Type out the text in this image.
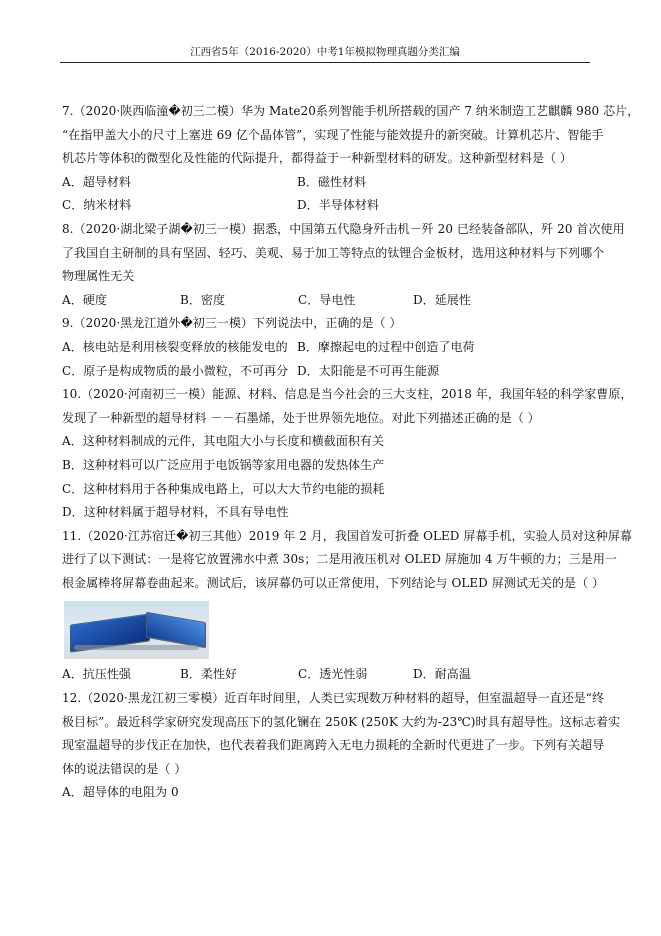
江西省5年（2016-2020）中考1年模拟物理真题分类汇编
7.（2020·陕西临潼�初三二模）华为 Mate20系列智能手机所搭载的国产 7 纳米制造工艺麒麟 980 芯片，
“在指甲盖大小的尺寸上塞进 69 亿个晶体管”，实现了性能与能效提升的新突破。计算机芯片、智能手
机芯片等体积的微型化及性能的代际提升，都得益于一种新型材料的研发。这种新型材料是（ ）
A．超导材料	B．磁性材料
C．纳米材料	D．半导体材料
8.（2020·湖北梁子湖�初三一模）据悉，中国第五代隐身歼击机－歼 20 已经装备部队，歼 20 首次使用
了我国自主研制的具有坚固、轻巧、美观、易于加工等特点的钛锂合金板材，选用这种材料与下列哪个
物理属性无关
A．硬度	B．密度	C．导电性	D．延展性
9.（2020·黑龙江道外�初三一模）下列说法中，正确的是（ ）
A．核电站是利用核裂变释放的核能发电的 B．摩擦起电的过程中创造了电荷
C．原子是构成物质的最小微粒，不可再分 D．太阳能是不可再生能源
10.（2020·河南初三一模）能源、材料、信息是当今社会的三大支柱，2018 年，我国年轻的科学家曹原，
发现了一种新型的超导材料 －－石墨烯，处于世界领先地位。对此下列描述正确的是（ ）
A．这种材料制成的元件，其电阻大小与长度和横截面积有关
B．这种材料可以广泛应用于电饭锅等家用电器的发热体生产
C．这种材料用于各种集成电路上，可以大大节约电能的损耗
D．这种材料属于超导材料，不具有导电性
11.（2020·江苏宿迁�初三其他）2019 年 2 月，我国首发可折叠 OLED 屏幕手机，实验人员对这种屏幕
进行了以下测试：一是将它放置沸水中煮 30s；二是用液压机对 OLED 屏施加 4 万牛顿的力；三是用一
根金属棒将屏幕卷曲起来。测试后，该屏幕仍可以正常使用，下列结论与 OLED 屏测试无关的是（ ）
A．抗压性强	B．柔性好	C．透光性弱	D．耐高温
12.（2020·黑龙江初三零模）近百年时间里，人类已实现数万种材料的超导，但室温超导一直还是“终
极目标”。最近科学家研究发现高压下的氢化镧在 250K (250K 大约为-23℃)时具有超导性。这标志着实
现室温超导的步伐正在加快，也代表着我们距离跨入无电力损耗的全新时代更进了一步。下列有关超导
体的说法错误的是（ ）
A．超导体的电阻为 0
